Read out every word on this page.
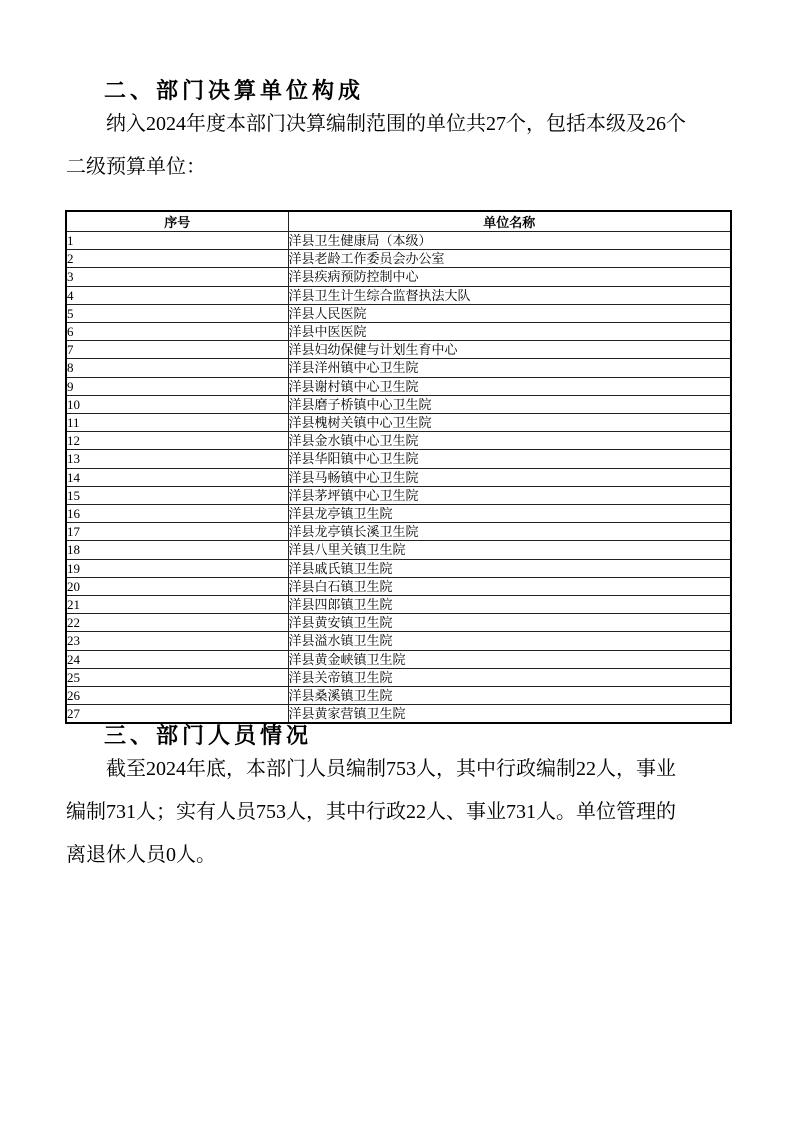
二、部门决算单位构成
纳入2024年度本部门决算编制范围的单位共27个，包括本级及26个
二级预算单位：
序号	单位名称
1	洋县卫生健康局（本级）
2	洋县老龄工作委员会办公室
3	洋县疾病预防控制中心
4	洋县卫生计生综合监督执法大队
5	洋县人民医院
6	洋县中医医院
7	洋县妇幼保健与计划生育中心
8	洋县洋州镇中心卫生院
9	洋县谢村镇中心卫生院
10	洋县磨子桥镇中心卫生院
11	洋县槐树关镇中心卫生院
12	洋县金水镇中心卫生院
13	洋县华阳镇中心卫生院
14	洋县马畅镇中心卫生院
15	洋县茅坪镇中心卫生院
16	洋县龙亭镇卫生院
17	洋县龙亭镇长溪卫生院
18	洋县八里关镇卫生院
19	洋县戚氏镇卫生院
20	洋县白石镇卫生院
21	洋县四郎镇卫生院
22	洋县黄安镇卫生院
23	洋县溢水镇卫生院
24	洋县黄金峡镇卫生院
25	洋县关帝镇卫生院
26	洋县桑溪镇卫生院
27	洋县黄家营镇卫生院
三、部门人员情况
截至2024年底，本部门人员编制753人，其中行政编制22人，事业
编制731人；实有人员753人，其中行政22人、事业731人。单位管理的
离退休人员0人。
